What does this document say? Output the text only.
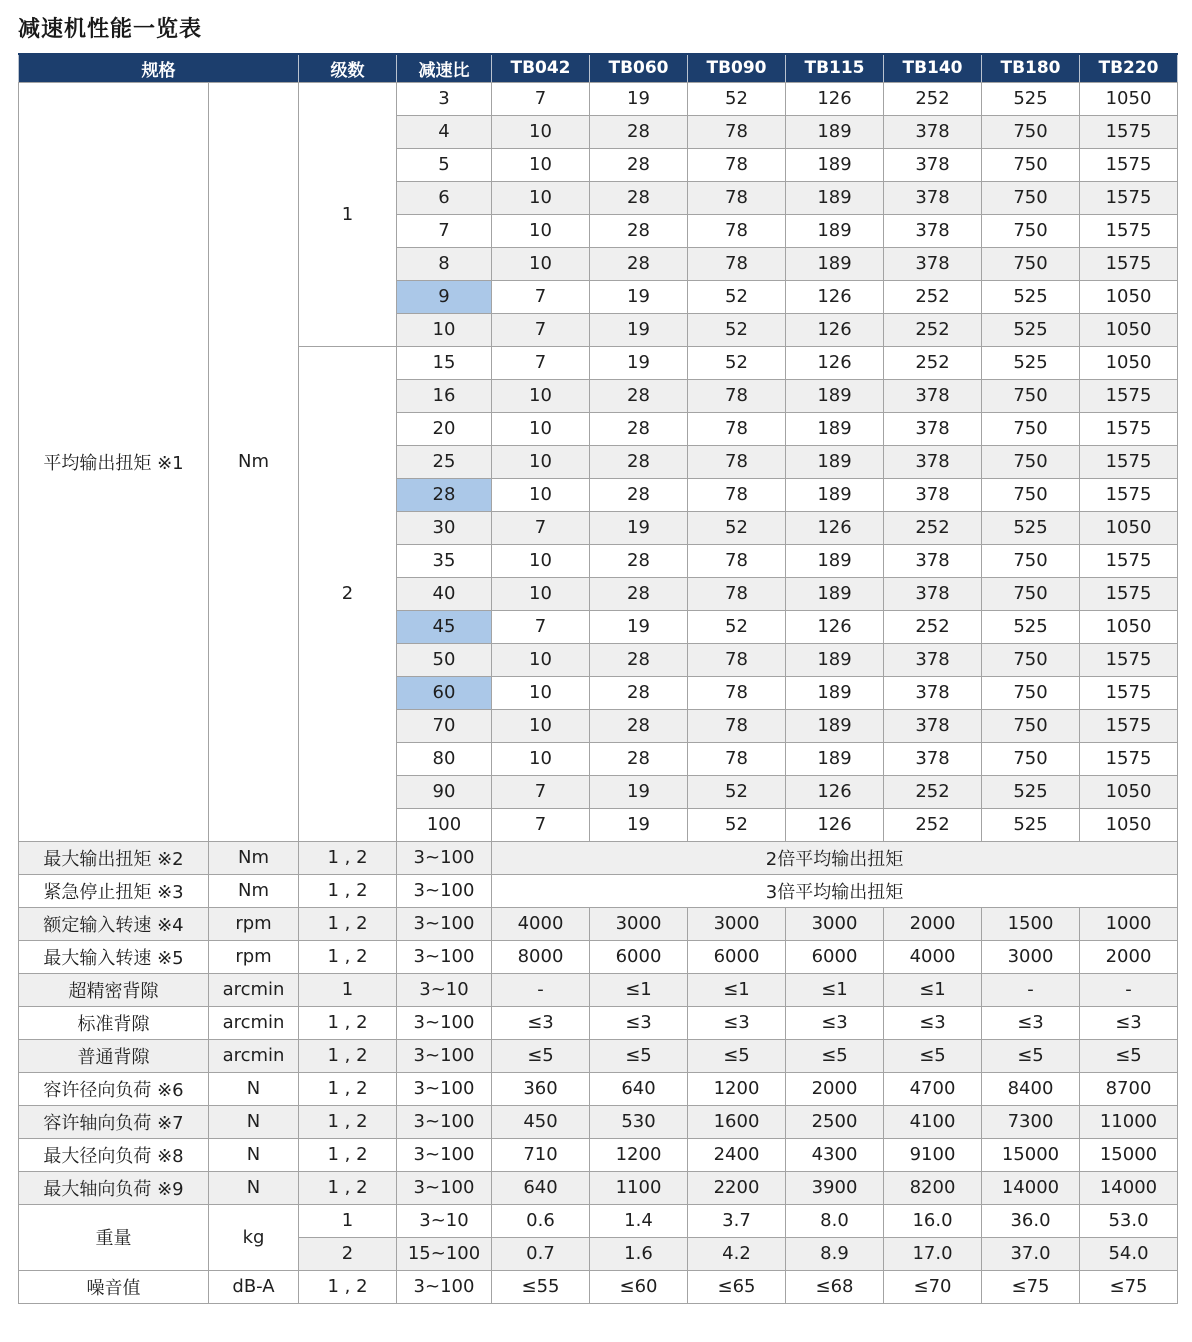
减速机性能一览表
规格		级数	减速比	TB042	TB060	TB090	TB115	TB140	TB180	TB220
平均输出扭矩 ※1	Nm	1	3	7	19	52	126	252	525	1050
			4	10	28	78	189	378	750	1575
			5	10	28	78	189	378	750	1575
			6	10	28	78	189	378	750	1575
			7	10	28	78	189	378	750	1575
			8	10	28	78	189	378	750	1575
			9	7	19	52	126	252	525	1050
			10	7	19	52	126	252	525	1050
		2	15	7	19	52	126	252	525	1050
			16	10	28	78	189	378	750	1575
			20	10	28	78	189	378	750	1575
			25	10	28	78	189	378	750	1575
			28	10	28	78	189	378	750	1575
			30	7	19	52	126	252	525	1050
			35	10	28	78	189	378	750	1575
			40	10	28	78	189	378	750	1575
			45	7	19	52	126	252	525	1050
			50	10	28	78	189	378	750	1575
			60	10	28	78	189	378	750	1575
			70	10	28	78	189	378	750	1575
			80	10	28	78	189	378	750	1575
			90	7	19	52	126	252	525	1050
			100	7	19	52	126	252	525	1050
最大输出扭矩 ※2	Nm	1 , 2	3~100	2倍平均输出扭矩						
紧急停止扭矩 ※3	Nm	1 , 2	3~100	3倍平均输出扭矩						
额定输入转速 ※4	rpm	1 , 2	3~100	4000	3000	3000	3000	2000	1500	1000
最大输入转速 ※5	rpm	1 , 2	3~100	8000	6000	6000	6000	4000	3000	2000
超精密背隙	arcmin	1	3~10	-	≤1	≤1	≤1	≤1	-	-
标准背隙	arcmin	1 , 2	3~100	≤3	≤3	≤3	≤3	≤3	≤3	≤3
普通背隙	arcmin	1 , 2	3~100	≤5	≤5	≤5	≤5	≤5	≤5	≤5
容许径向负荷 ※6	N	1 , 2	3~100	360	640	1200	2000	4700	8400	8700
容许轴向负荷 ※7	N	1 , 2	3~100	450	530	1600	2500	4100	7300	11000
最大径向负荷 ※8	N	1 , 2	3~100	710	1200	2400	4300	9100	15000	15000
最大轴向负荷 ※9	N	1 , 2	3~100	640	1100	2200	3900	8200	14000	14000
重量	kg	1	3~10	0.6	1.4	3.7	8.0	16.0	36.0	53.0
		2	15~100	0.7	1.6	4.2	8.9	17.0	37.0	54.0
噪音值	dB-A	1 , 2	3~100	≤55	≤60	≤65	≤68	≤70	≤75	≤75
